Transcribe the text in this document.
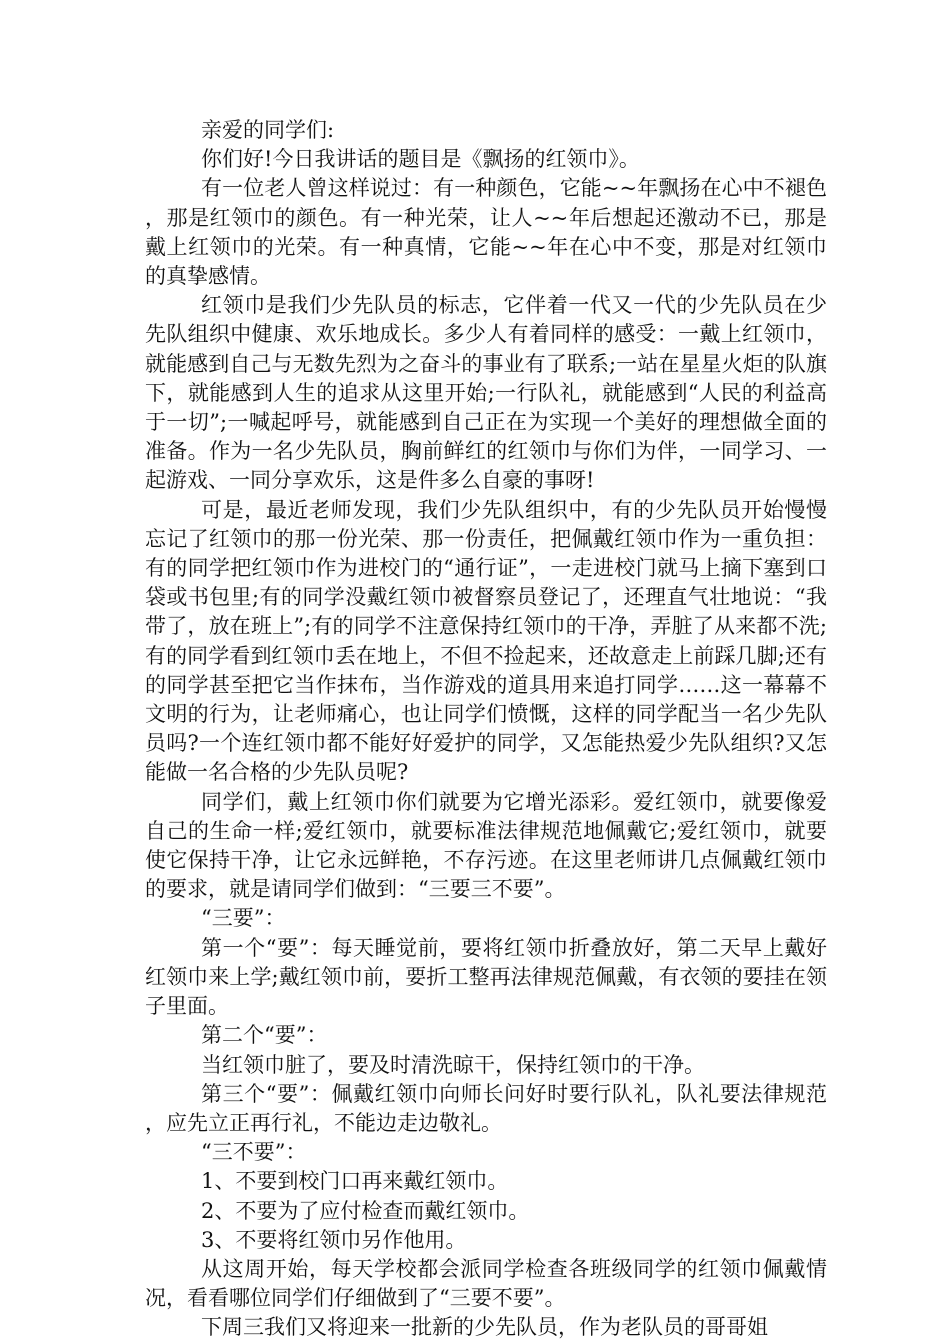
亲爱的同学们:

你们好!今日我讲话的题目是《飘扬的红领巾》。

有一位老人曾这样说过：有一种颜色，它能~~年飘扬在心中不褪色，那是红领巾的颜色。有一种光荣，让人~~年后想起还激动不已，那是戴上红领巾的光荣。有一种真情，它能~~年在心中不变，那是对红领巾的真挚感情。

红领巾是我们少先队员的标志，它伴着一代又一代的少先队员在少先队组织中健康、欢乐地成长。多少人有着同样的感受：一戴上红领巾，就能感到自己与无数先烈为之奋斗的事业有了联系;一站在星星火炬的队旗下，就能感到人生的追求从这里开始;一行队礼，就能感到“人民的利益高于一切”;一喊起呼号，就能感到自己正在为实现一个美好的理想做全面的准备。作为一名少先队员，胸前鲜红的红领巾与你们为伴，一同学习、一起游戏、一同分享欢乐，这是件多么自豪的事呀!

可是，最近老师发现，我们少先队组织中，有的少先队员开始慢慢忘记了红领巾的那一份光荣、那一份责任，把佩戴红领巾作为一重负担：有的同学把红领巾作为进校门的“通行证”，一走进校门就马上摘下塞到口袋或书包里;有的同学没戴红领巾被督察员登记了，还理直气壮地说：“我带了，放在班上”;有的同学不注意保持红领巾的干净，弄脏了从来都不洗;有的同学看到红领巾丢在地上，不但不捡起来，还故意走上前踩几脚;还有的同学甚至把它当作抹布，当作游戏的道具用来追打同学……这一幕幕不文明的行为，让老师痛心，也让同学们愤慨，这样的同学配当一名少先队员吗?一个连红领巾都不能好好爱护的同学，又怎能热爱少先队组织?又怎能做一名合格的少先队员呢?

同学们，戴上红领巾你们就要为它增光添彩。爱红领巾，就要像爱自己的生命一样;爱红领巾，就要标准法律规范地佩戴它;爱红领巾，就要使它保持干净，让它永远鲜艳，不存污迹。在这里老师讲几点佩戴红领巾的要求，就是请同学们做到：“三要三不要”。

“三要”：

第一个“要”：每天睡觉前，要将红领巾折叠放好，第二天早上戴好红领巾来上学;戴红领巾前，要折工整再法律规范佩戴，有衣领的要挂在领子里面。

第二个“要”：

当红领巾脏了，要及时清洗晾干，保持红领巾的干净。

第三个“要”：佩戴红领巾向师长问好时要行队礼，队礼要法律规范，应先立正再行礼，不能边走边敬礼。

“三不要”：

1、不要到校门口再来戴红领巾。

2、不要为了应付检查而戴红领巾。

3、不要将红领巾另作他用。

从这周开始，每天学校都会派同学检查各班级同学的红领巾佩戴情况，看看哪位同学们仔细做到了“三要不要”。

下周三我们又将迎来一批新的少先队员，作为老队员的哥哥姐
